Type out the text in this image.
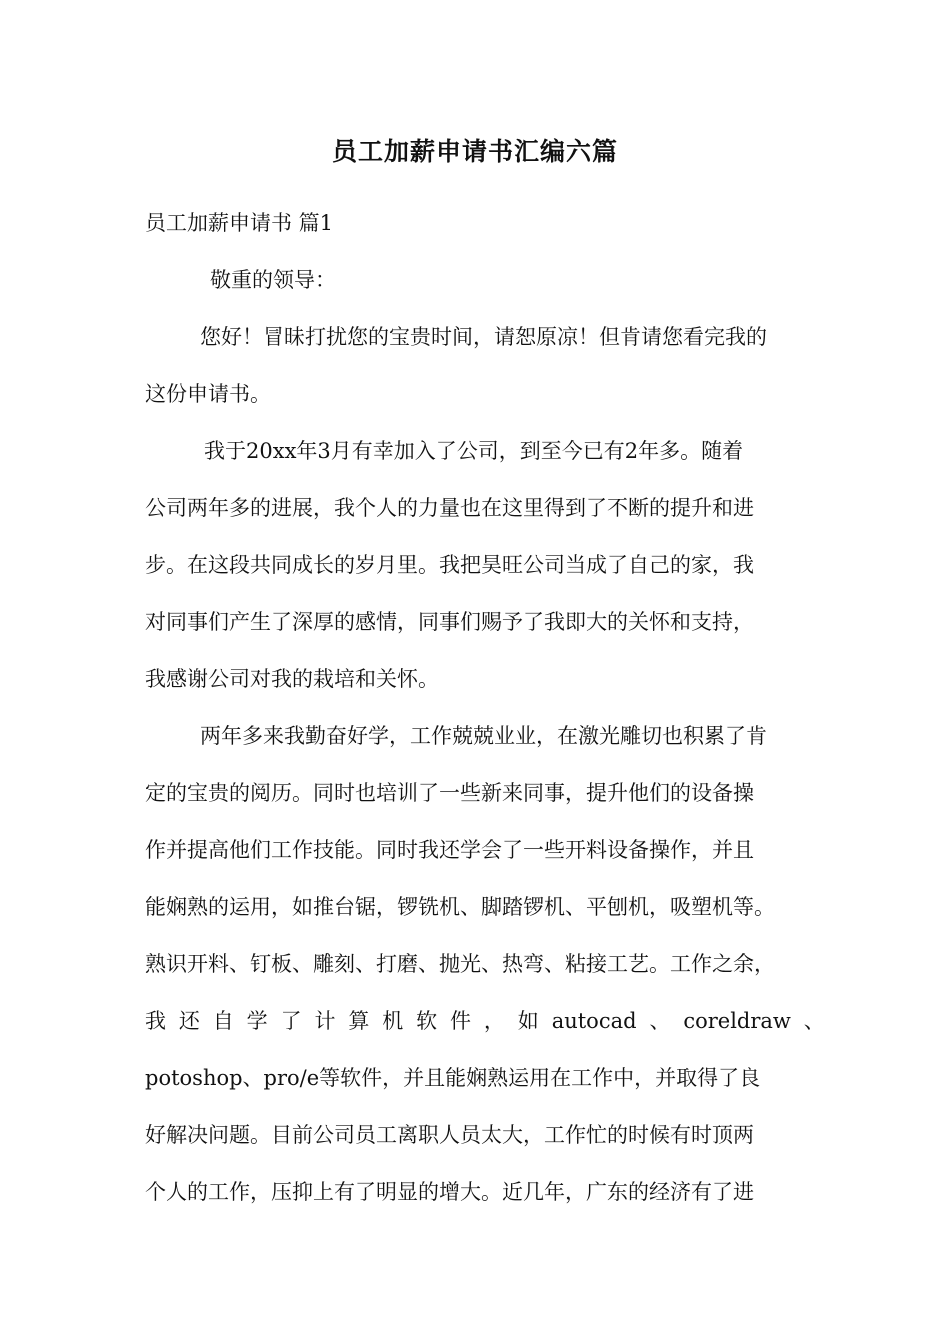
员工加薪申请书汇编六篇
员工加薪申请书 篇1
敬重的领导：
您好！冒昧打扰您的宝贵时间，请恕原凉！但肯请您看完我的
这份申请书。
我于20xx年3月有幸加入了公司，到至今已有2年多。随着
公司两年多的进展，我个人的力量也在这里得到了不断的提升和进
步。在这段共同成长的岁月里。我把昊旺公司当成了自己的家，我
对同事们产生了深厚的感情，同事们赐予了我即大的关怀和支持，
我感谢公司对我的栽培和关怀。
两年多来我勤奋好学，工作兢兢业业，在激光雕切也积累了肯
定的宝贵的阅历。同时也培训了一些新来同事，提升他们的设备操
作并提高他们工作技能。同时我还学会了一些开料设备操作，并且
能娴熟的运用，如推台锯，锣铣机、脚踏锣机、平刨机，吸塑机等。
熟识开料、钉板、雕刻、打磨、抛光、热弯、粘接工艺。工作之余，
我 还 自 学 了 计 算 机 软 件 ， 如 autocad 、 coreldraw 、
potoshop、pro/e等软件，并且能娴熟运用在工作中，并取得了良
好解决问题。目前公司员工离职人员太大，工作忙的时候有时顶两
个人的工作，压抑上有了明显的增大。近几年，广东的经济有了进
